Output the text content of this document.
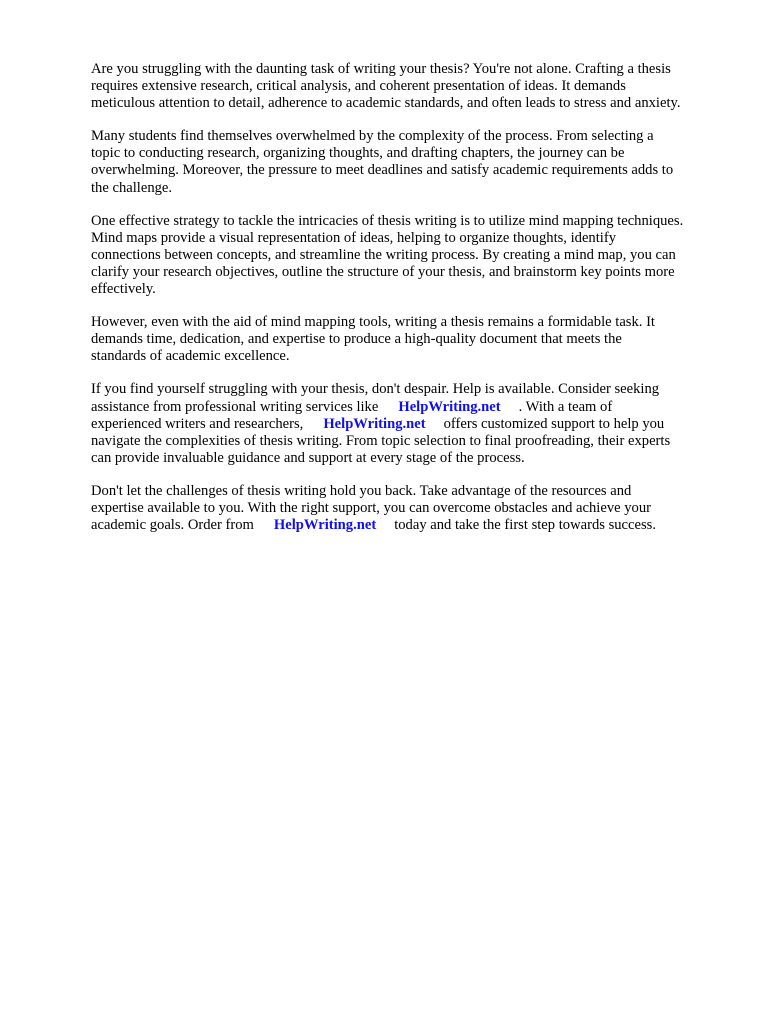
Are you struggling with the daunting task of writing your thesis? You're not alone. Crafting a thesis
requires extensive research, critical analysis, and coherent presentation of ideas. It demands
meticulous attention to detail, adherence to academic standards, and often leads to stress and anxiety.

Many students find themselves overwhelmed by the complexity of the process. From selecting a
topic to conducting research, organizing thoughts, and drafting chapters, the journey can be
overwhelming. Moreover, the pressure to meet deadlines and satisfy academic requirements adds to
the challenge.

One effective strategy to tackle the intricacies of thesis writing is to utilize mind mapping techniques.
Mind maps provide a visual representation of ideas, helping to organize thoughts, identify
connections between concepts, and streamline the writing process. By creating a mind map, you can
clarify your research objectives, outline the structure of your thesis, and brainstorm key points more
effectively.

However, even with the aid of mind mapping tools, writing a thesis remains a formidable task. It
demands time, dedication, and expertise to produce a high-quality document that meets the
standards of academic excellence.

If you find yourself struggling with your thesis, don't despair. Help is available. Consider seeking
assistance from professional writing services like HelpWriting.net . With a team of
experienced writers and researchers, HelpWriting.net offers customized support to help you
navigate the complexities of thesis writing. From topic selection to final proofreading, their experts
can provide invaluable guidance and support at every stage of the process.

Don't let the challenges of thesis writing hold you back. Take advantage of the resources and
expertise available to you. With the right support, you can overcome obstacles and achieve your
academic goals. Order from HelpWriting.net today and take the first step towards success.
